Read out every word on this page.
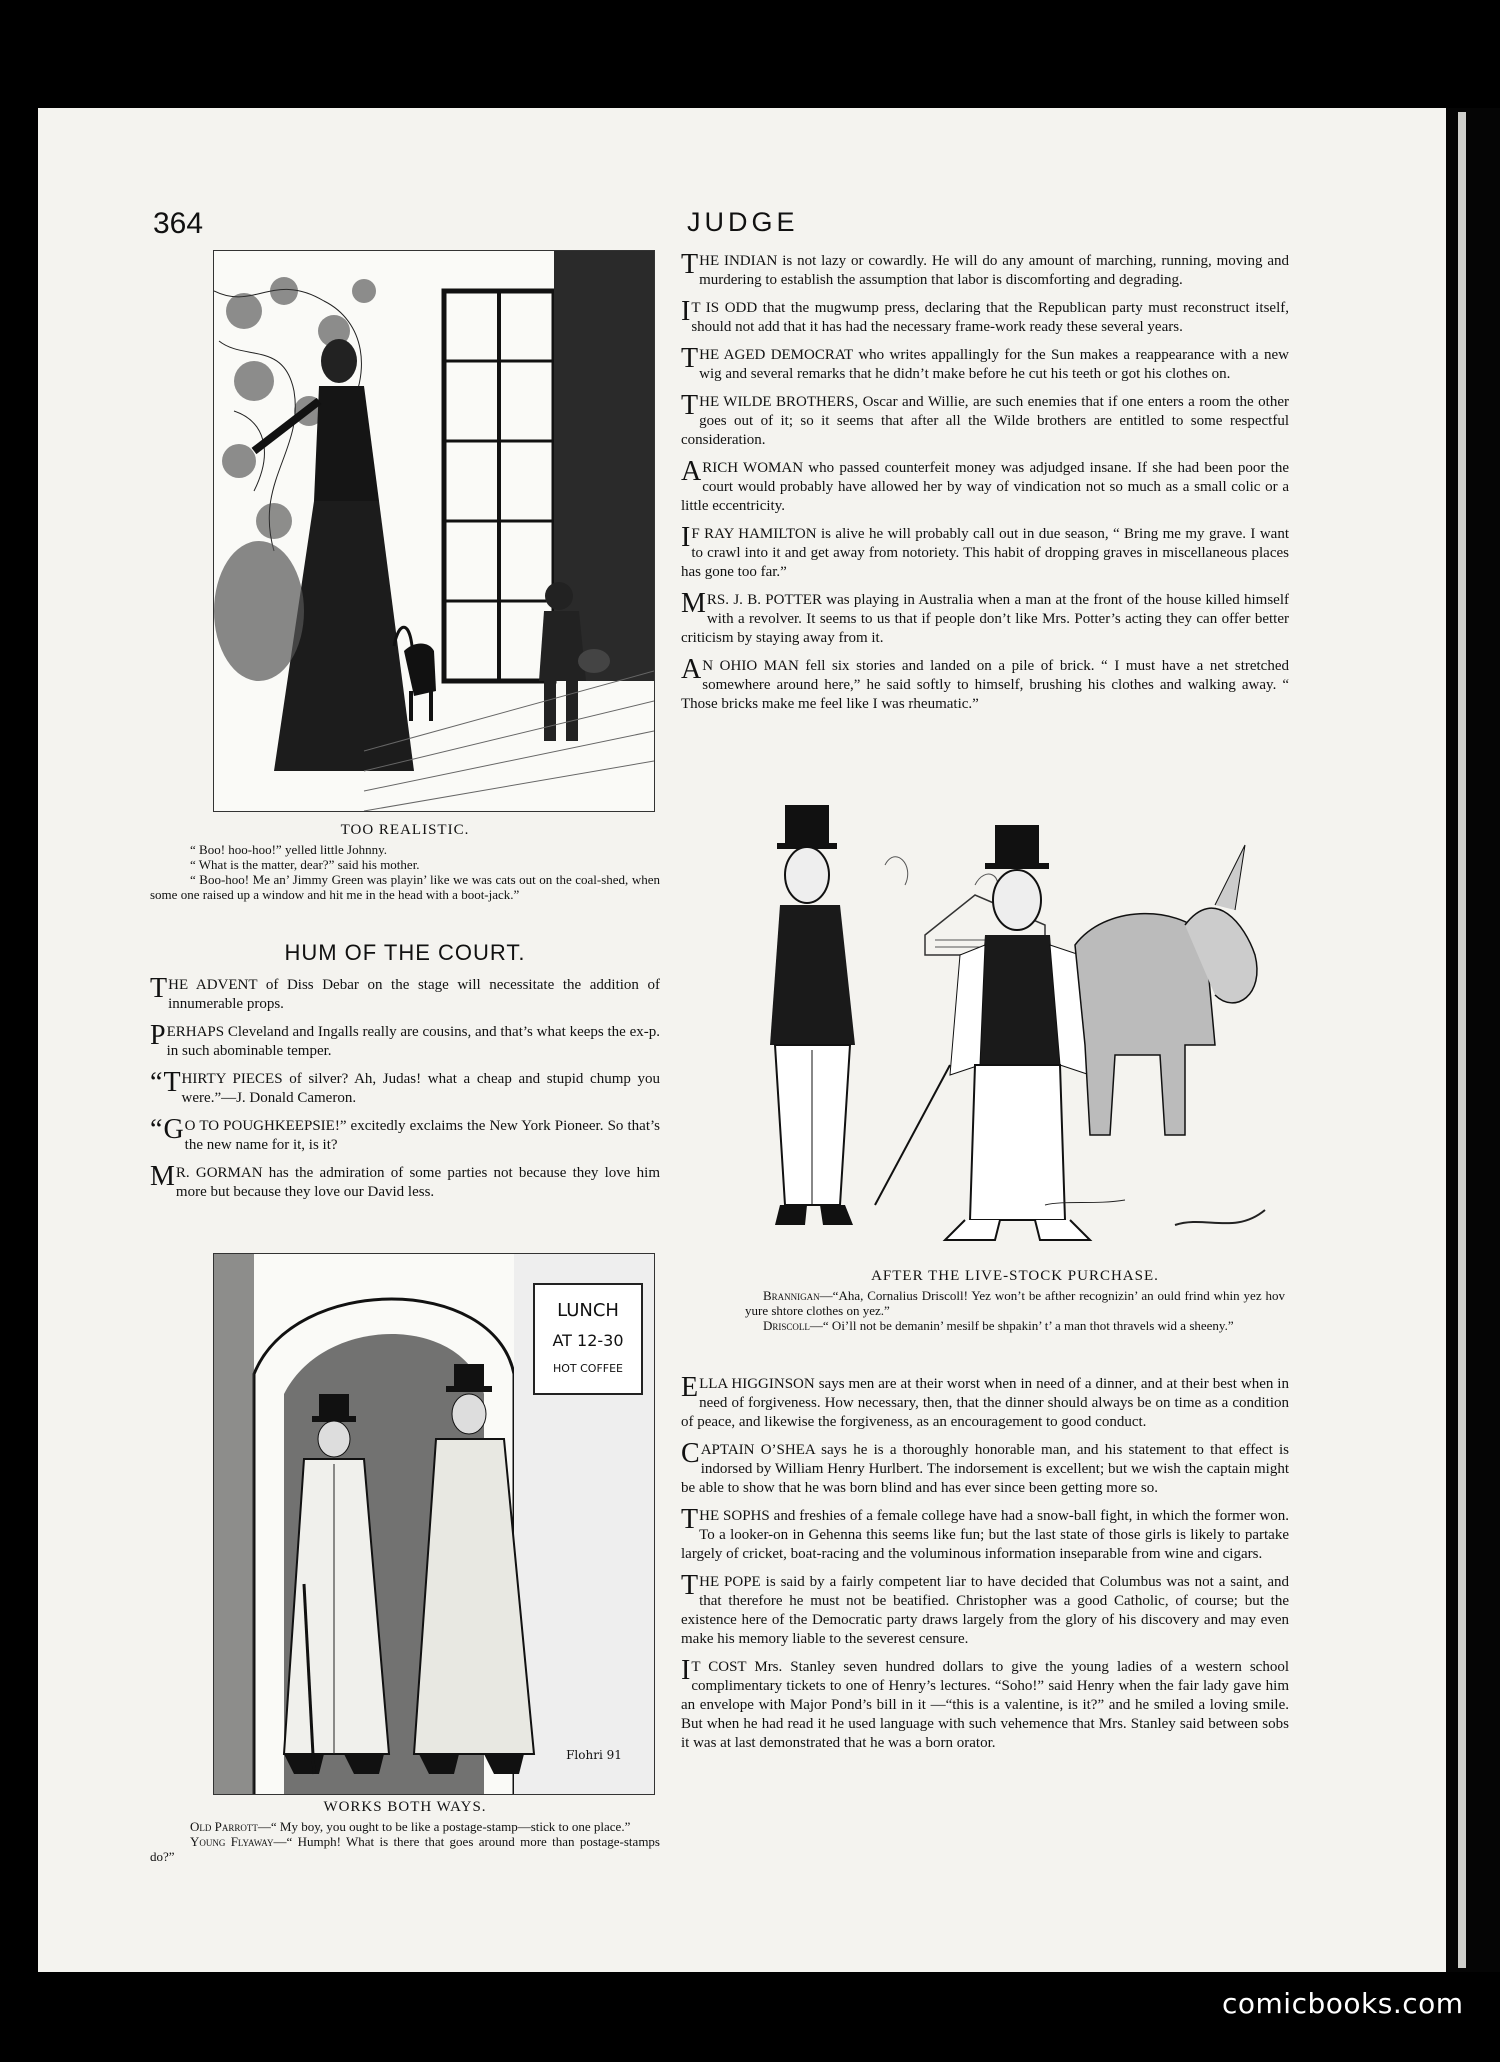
364	JUDGE

TOO REALISTIC.

“ Boo! hoo-hoo!” yelled little Johnny.

“ What is the matter, dear?” said his mother.

“ Boo-hoo! Me an’ Jimmy Green was playin’ like we was cats out on the coal-shed, when some one raised up a window and hit me in the head with a boot-jack.”

HUM OF THE COURT.

THE ADVENT of Diss Debar on the stage will necessitate the addition of innumerable props.

PERHAPS Cleveland and Ingalls really are cousins, and that’s what keeps the ex-p. in such abominable temper.

“ T HIRTY PIECES of silver? Ah, Judas! what a cheap and stupid chump you were.”—J. Donald Cameron.

“ G O TO POUGHKEEPSIE!” excitedly exclaims the New York Pioneer. So that’s the new name for it, is it?

M R. GORMAN has the admiration of some parties not because they love him more but because they love our David less.

LUNCH
AT 12-30
HOT COFFEE
Flohri 91

WORKS BOTH WAYS.

Old Parrott—“ My boy, you ought to be like a postage-stamp—stick to one place.”

Young Flyaway—“ Humph! What is there that goes around more than postage-stamps do?”

THE INDIAN is not lazy or cowardly. He will do any amount of marching, running, moving and murdering to establish the assumption that labor is discomforting and degrading.

I T IS ODD that the mugwump press, declaring that the Republican party must reconstruct itself, should not add that it has had the necessary frame-work ready these several years.

THE AGED DEMOCRAT who writes appallingly for the Sun makes a reappearance with a new wig and several remarks that he didn’t make before he cut his teeth or got his clothes on.

THE WILDE BROTHERS, Oscar and Willie, are such enemies that if one enters a room the other goes out of it; so it seems that after all the Wilde brothers are entitled to some respectful consideration.

A RICH WOMAN who passed counterfeit money was adjudged insane. If she had been poor the court would probably have allowed her by way of vindication not so much as a small colic or a little eccentricity.

I F RAY HAMILTON is alive he will probably call out in due season, “ Bring me my grave. I want to crawl into it and get away from notoriety. This habit of dropping graves in miscellaneous places has gone too far.”

MRS. J. B. POTTER was playing in Australia when a man at the front of the house killed himself with a revolver. It seems to us that if people don’t like Mrs. Potter’s acting they can offer better criticism by staying away from it.

A N OHIO MAN fell six stories and landed on a pile of brick. “ I must have a net stretched somewhere around here,” he said softly to himself, brushing his clothes and walking away. “ Those bricks make me feel like I was rheumatic.”

AFTER THE LIVE-STOCK PURCHASE.

Brannigan—“Aha, Cornalius Driscoll! Yez won’t be afther recognizin’ an ould frind whin yez hov yure shtore clothes on yez.”

Driscoll—“ Oi’ll not be demanin’ mesilf be shpakin’ t’ a man thot thravels wid a sheeny.”

ELLA HIGGINSON says men are at their worst when in need of a dinner, and at their best when in need of forgiveness. How necessary, then, that the dinner should always be on time as a condition of peace, and likewise the forgiveness, as an encouragement to good conduct.

CAPTAIN O’SHEA says he is a thoroughly honorable man, and his statement to that effect is indorsed by William Henry Hurlbert. The indorsement is excellent; but we wish the captain might be able to show that he was born blind and has ever since been getting more so.

THE SOPHS and freshies of a female college have had a snow-ball fight, in which the former won. To a looker-on in Gehenna this seems like fun; but the last state of those girls is likely to partake largely of cricket, boat-racing and the voluminous information inseparable from wine and cigars.

THE POPE is said by a fairly competent liar to have decided that Columbus was not a saint, and that therefore he must not be beatified. Christopher was a good Catholic, of course; but the existence here of the Democratic party draws largely from the glory of his discovery and may even make his memory liable to the severest censure.

I T COST Mrs. Stanley seven hundred dollars to give the young ladies of a western school complimentary tickets to one of Henry’s lectures. “Soho!” said Henry when the fair lady gave him an envelope with Major Pond’s bill in it —“this is a valentine, is it?” and he smiled a loving smile. But when he had read it he used language with such vehemence that Mrs. Stanley said between sobs it was at last demonstrated that he was a born orator.

comicbooks.com
